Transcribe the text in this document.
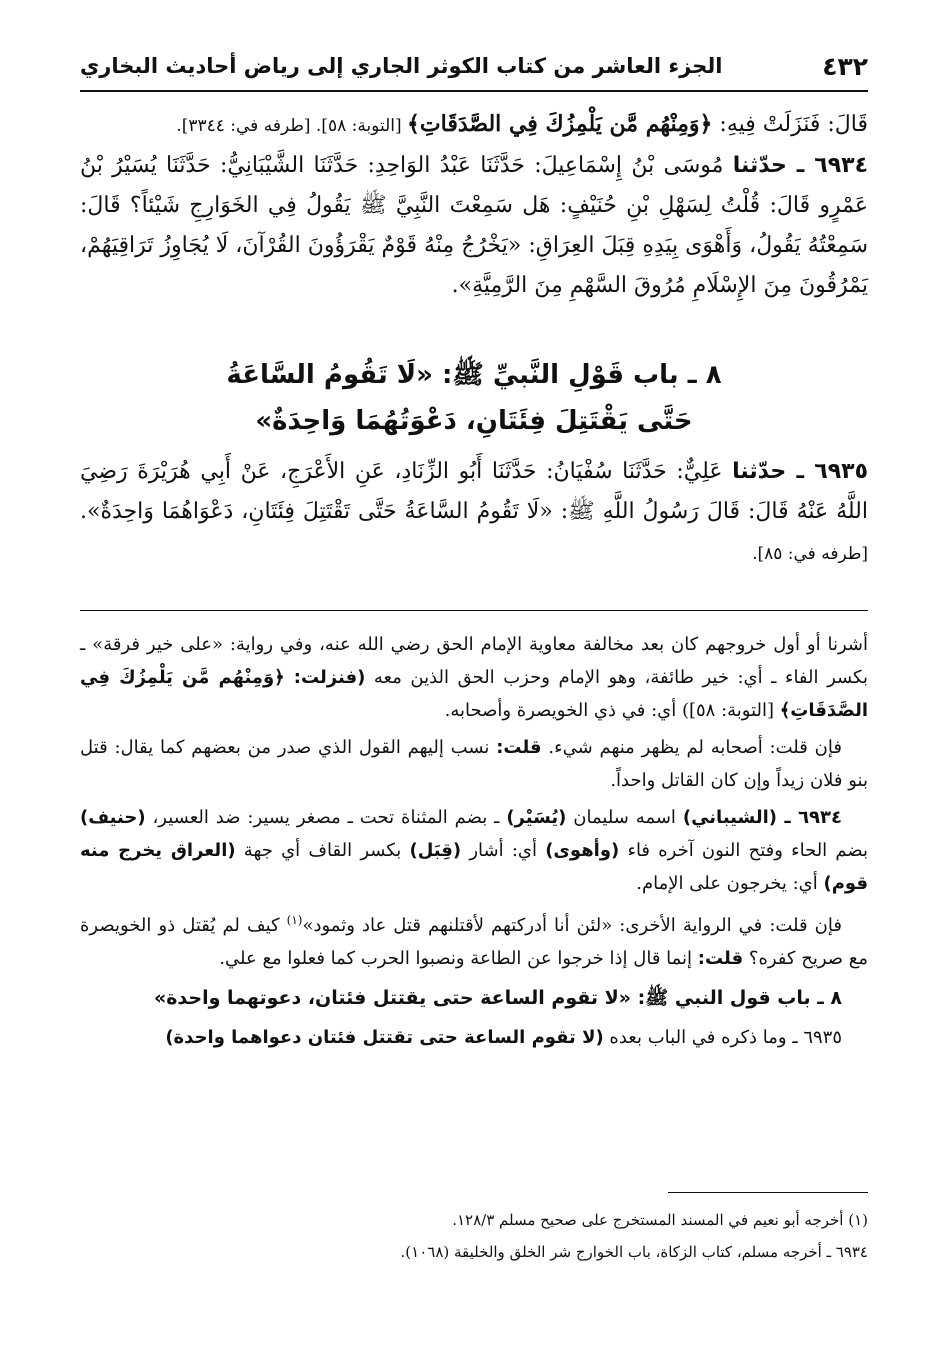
٤٣٢
الجزء العاشر من كتاب الكوثر الجاري إلى رياض أحاديث البخاري

قَالَ: فَنَزَلَتْ فِيهِ: ﴿وَمِنْهُم مَّن يَلْمِزُكَ فِي الصَّدَقَاتِ﴾ [التوبة: ٥٨]. [طرفه في: ٣٣٤٤].

٦٩٣٤ ـ حدّثنا مُوسَى بْنُ إِسْمَاعِيلَ: حَدَّثَنَا عَبْدُ الوَاحِدِ: حَدَّثَنَا الشَّيْبَانِيُّ: حَدَّثَنَا يُسَيْرُ بْنُ عَمْرٍو قَالَ: قُلْتُ لِسَهْلِ بْنِ حُنَيْفٍ: هَل سَمِعْتَ النَّبِيَّ ﷺ يَقُولُ فِي الخَوَارِجِ شَيْئاً؟ قَالَ: سَمِعْتُهُ يَقُولُ، وَأَهْوَى بِيَدِهِ قِبَلَ العِرَاقِ: «يَخْرُجُ مِنْهُ قَوْمٌ يَقْرَؤُونَ القُرْآنَ، لَا يُجَاوِزُ تَرَاقِيَهُمْ، يَمْرُقُونَ مِنَ الإِسْلَامِ مُرُوقَ السَّهْمِ مِنَ الرَّمِيَّةِ».

٨ ـ باب قَوْلِ النَّبيِّ ﷺ: «لَا تَقُومُ السَّاعَةُ
حَتَّى يَقْتَتِلَ فِئَتَانِ، دَعْوَتُهُمَا وَاحِدَةٌ»

٦٩٣٥ ـ حدّثنا عَلِيٌّ: حَدَّثَنَا سُفْيَانُ: حَدَّثَنَا أَبُو الزِّنَادِ، عَنِ الأَعْرَجِ، عَنْ أَبِي هُرَيْرَةَ رَضِيَ اللَّهُ عَنْهُ قَالَ: قَالَ رَسُولُ اللَّهِ ﷺ: «لَا تَقُومُ السَّاعَةُ حَتَّى تَقْتَتِلَ فِئَتَانِ، دَعْوَاهُمَا وَاحِدَةٌ». [طرفه في: ٨٥].

أشرنا أو أول خروجهم كان بعد مخالفة معاوية الإمام الحق رضي الله عنه، وفي رواية: «على خير فرقة» ـ بكسر الفاء ـ أي: خير طائفة، وهو الإمام وحزب الحق الذين معه (فنزلت: ﴿وَمِنْهُم مَّن يَلْمِزُكَ فِي الصَّدَقَاتِ﴾ [التوبة: ٥٨]) أي: في ذي الخويصرة وأصحابه.

فإن قلت: أصحابه لم يظهر منهم شيء. قلت: نسب إليهم القول الذي صدر من بعضهم كما يقال: قتل بنو فلان زيداً وإن كان القاتل واحداً.

٦٩٣٤ ـ (الشيباني) اسمه سليمان (يُسَيْر) ـ بضم المثناة تحت ـ مصغر يسير: ضد العسير، (حنيف) بضم الحاء وفتح النون آخره فاء (وأهوى) أي: أشار (قِبَل) بكسر القاف أي جهة (العراق يخرج منه قوم) أي: يخرجون على الإمام.

فإن قلت: في الرواية الأخرى: «لئن أنا أدركتهم لأقتلنهم قتل عاد وثمود»$^{(١)}$ كيف لم يُقتل ذو الخويصرة مع صريح كفره؟ قلت: إنما قال إذا خرجوا عن الطاعة ونصبوا الحرب كما فعلوا مع علي.

٨ ـ باب قول النبي ﷺ: «لا تقوم الساعة حتى يقتتل فئتان، دعوتهما واحدة»

٦٩٣٥ ـ وما ذكره في الباب بعده (لا تقوم الساعة حتى تقتتل فئتان دعواهما واحدة)

(١) أخرجه أبو نعيم في المسند المستخرج على صحيح مسلم ١٢٨/٣.

٦٩٣٤ ـ أخرجه مسلم، كتاب الزكاة، باب الخوارج شر الخلق والخليقة (١٠٦٨).
